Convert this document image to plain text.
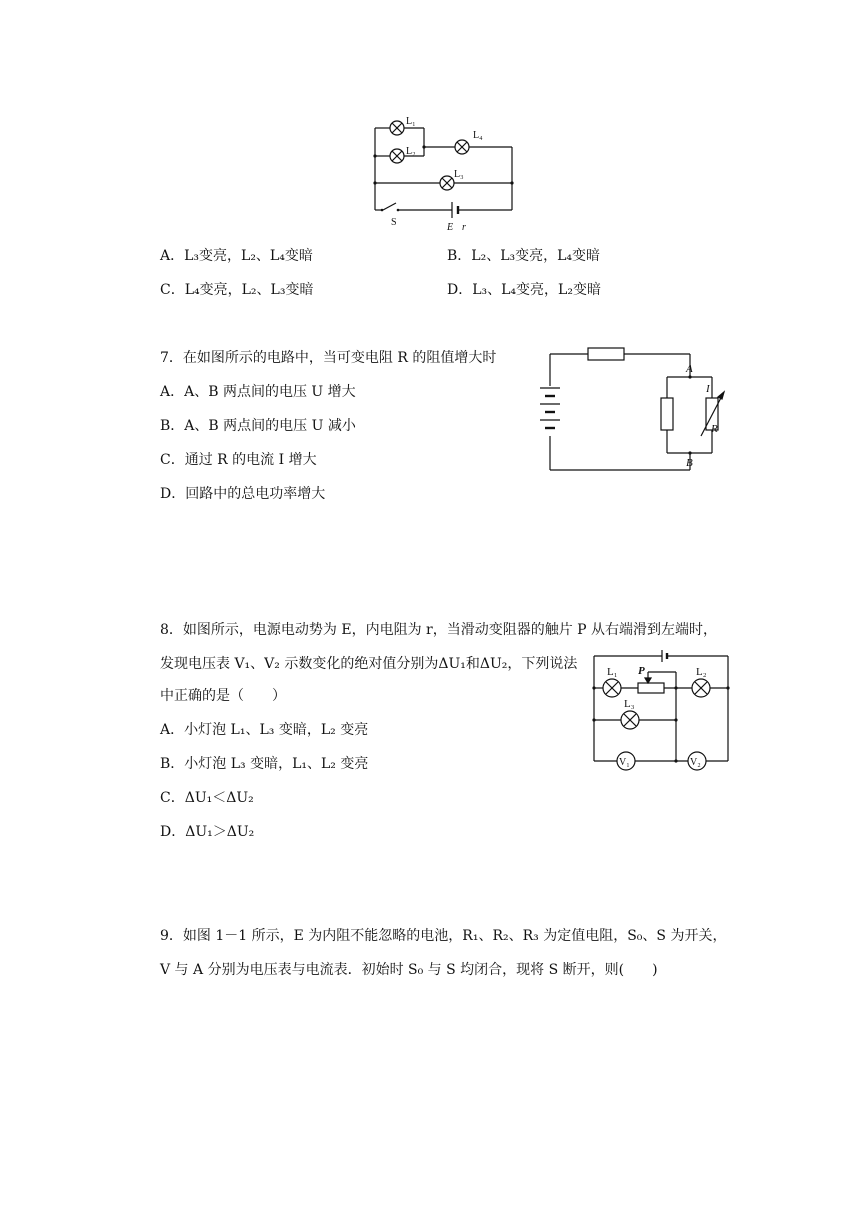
L₁
L₂
L₄
L₃
S	E r
A．L₃变亮，L₂、L₄变暗	B．L₂、L₃变亮，L₄变暗
C．L₄变亮，L₂、L₃变暗	D．L₃、L₄变亮，L₂变暗
7．在如图所示的电路中，当可变电阻 R 的阻值增大时
A．A、B 两点间的电压 U 增大
B．A、B 两点间的电压 U 减小
C．通过 R 的电流 I 增大
D．回路中的总电功率增大
A
B
I
R
8．如图所示，电源电动势为 E，内电阻为 r，当滑动变阻器的触片 P 从右端滑到左端时，
发现电压表 V₁、V₂ 示数变化的绝对值分别为ΔU₁和ΔU₂，下列说法
中正确的是（　　）
A．小灯泡 L₁、L₃ 变暗，L₂ 变亮
B．小灯泡 L₃ 变暗，L₁、L₂ 变亮
C．ΔU₁＜ΔU₂
D．ΔU₁＞ΔU₂
L₁	L₂
L₃
P
V₁	V₂
9．如图 1－1 所示，E 为内阻不能忽略的电池，R₁、R₂、R₃ 为定值电阻，S₀、S 为开关，
V 与 A 分别为电压表与电流表．初始时 S₀ 与 S 均闭合，现将 S 断开，则(　　)
